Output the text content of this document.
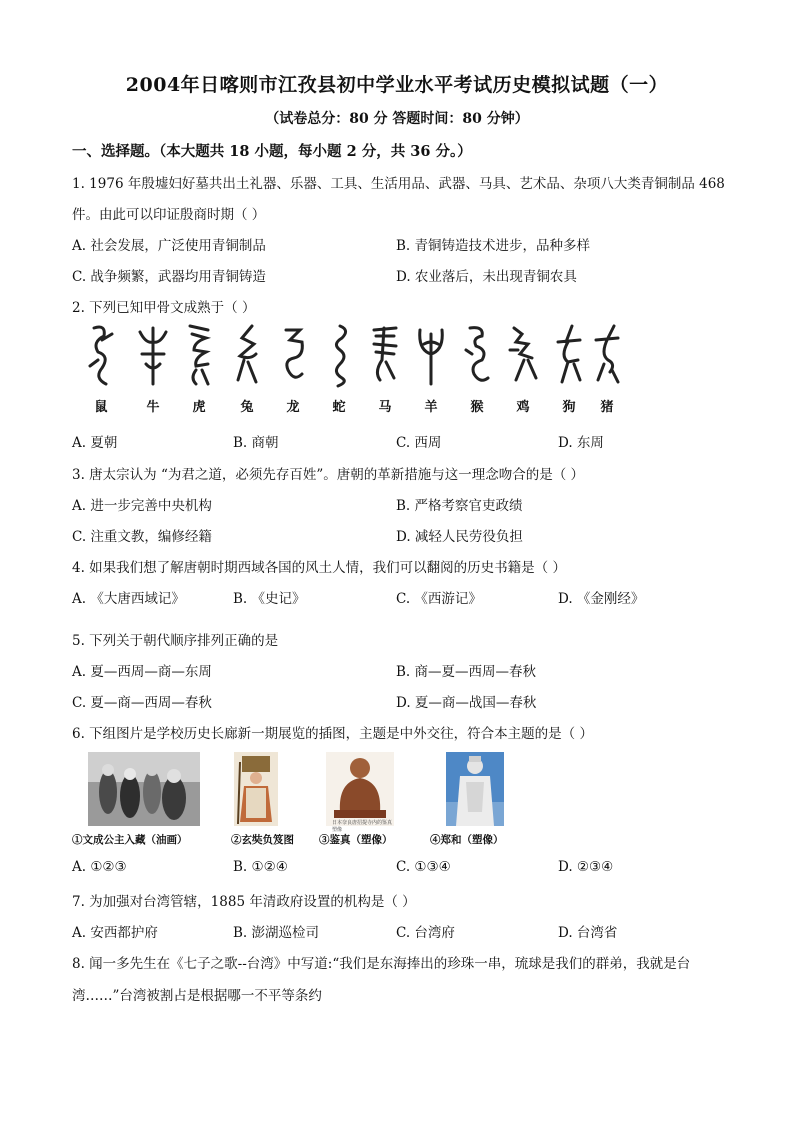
2004年日喀则市江孜县初中学业水平考试历史模拟试题（一）
（试卷总分：80 分 答题时间：80 分钟）
一、选择题。（本大题共 18 小题，每小题 2 分，共 36 分。）
1. 1976 年殷墟妇好墓共出土礼器、乐器、工具、生活用品、武器、马具、艺术品、杂项八大类青铜制品 468
件。由此可以印证殷商时期（ ）
A. 社会发展，广泛使用青铜制品	B. 青铜铸造技术进步，品种多样
C. 战争频繁，武器均用青铜铸造	D. 农业落后，未出现青铜农具
2. 下列已知甲骨文成熟于（ ）
鼠	牛	虎	兔	龙	蛇	马	羊	猴	鸡	狗	猪
A. 夏朝	B. 商朝	C. 西周	D. 东周
3. 唐太宗认为 “为君之道，必须先存百姓”。唐朝的革新措施与这一理念吻合的是（ ）
A. 进一步完善中央机构	B. 严格考察官吏政绩
C. 注重文教，编修经籍	D. 减轻人民劳役负担
4. 如果我们想了解唐朝时期西域各国的风土人情，我们可以翻阅的历史书籍是（ ）
A. 《大唐西域记》	B. 《史记》	C. 《西游记》	D. 《金刚经》
5. 下列关于朝代顺序排列正确的是
A. 夏—西周—商—东周	B. 商—夏—西周—春秋
C. 夏—商—西周—春秋	D. 夏—商—战国—春秋
6. 下组图片是学校历史长廊新一期展览的插图，主题是中外交往，符合本主题的是（ ）
日本奈良唐招提寺内的鉴真塑像
①文成公主入藏（油画）	②玄奘负笈图 ③鉴真（塑像）	④郑和（塑像）
A. ①②③	B. ①②④	C. ①③④	D. ②③④
7. 为加强对台湾管辖，1885 年清政府设置的机构是（ ）
A. 安西都护府	B. 澎湖巡检司	C. 台湾府	D. 台湾省
8. 闻一多先生在《七子之歌--台湾》中写道:“我们是东海捧出的珍珠一串，琉球是我们的群弟，我就是台
湾……”台湾被割占是根据哪一不平等条约
